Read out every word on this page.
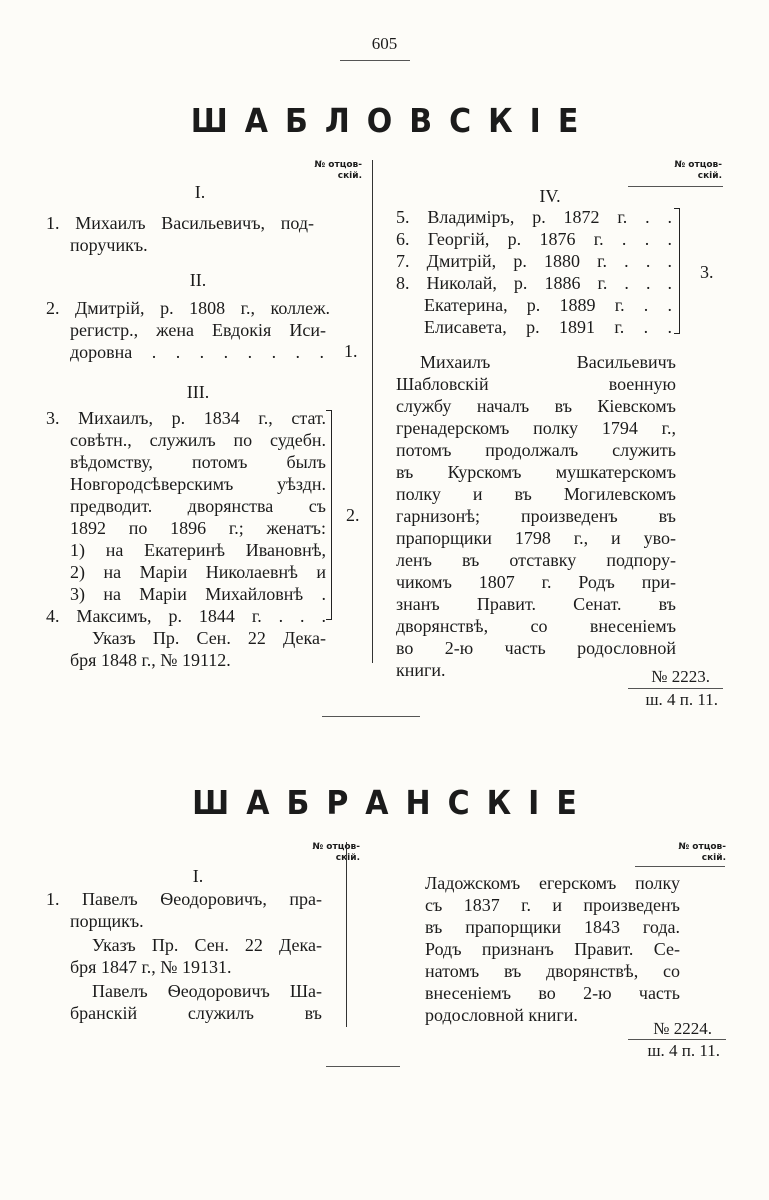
605
ШАБЛОВСКІЕ
№ отцов-
скій.
№ отцов-
скій.
I.
1. Михаилъ Васильевичъ, под-
поручикъ.
II.
2. Дмитрій, р. 1808 г., коллеж.
регистр., жена Евдокія Иси-
доровна . . . . . . . . 1.
III.
3. Михаилъ, р. 1834 г., стат.
совѣтн., служилъ по судебн.
вѣдомству, потомъ былъ
Новгородсѣверскимъ уѣздн.
предводит. дворянства съ
1892 по 1896 г.; женатъ:
1) на Екатеринѣ Ивановнѣ,
2) на Маріи Николаевнѣ и
3) на Маріи Михайловнѣ .
4. Максимъ, р. 1844 г. . . .
2.
Указъ Пр. Сен. 22 Дека-
бря 1848 г., № 19112.
IV.
5. Владиміръ, р. 1872 г. . .
6. Георгій, р. 1876 г. . . .
7. Дмитрій, р. 1880 г. . . .
8. Николай, р. 1886 г. . . .
Екатерина, р. 1889 г. . .
Елисавета, р. 1891 г. . .
3.
Михаилъ Васильевичъ
Шабловскій военную
службу началъ въ Кіевскомъ
гренадерскомъ полку 1794 г.,
потомъ продолжалъ служить
въ Курскомъ мушкатерскомъ
полку и въ Могилевскомъ
гарнизонѣ; произведенъ въ
прапорщики 1798 г., и уво-
ленъ въ отставку подпору-
чикомъ 1807 г. Родъ при-
знанъ Правит. Сенат. въ
дворянствѣ, со внесеніемъ
во 2-ю часть родословной
книги.	№ 2223.
ш. 4 п. 11.
ШАБРАНСКІЕ
№ отцов-
скій.
№ отцов-
скій.
I.
1. Павелъ Ѳеодоровичъ, пра-
порщикъ.
Указъ Пр. Сен. 22 Дека-
бря 1847 г., № 19131.
Павелъ Ѳеодоровичъ Ша-
бранскій служилъ въ
Ладожскомъ егерскомъ полку
съ 1837 г. и произведенъ
въ прапорщики 1843 года.
Родъ признанъ Правит. Се-
натомъ въ дворянствѣ, со
внесеніемъ во 2-ю часть
родословной книги.
№ 2224.
ш. 4 п. 11.
